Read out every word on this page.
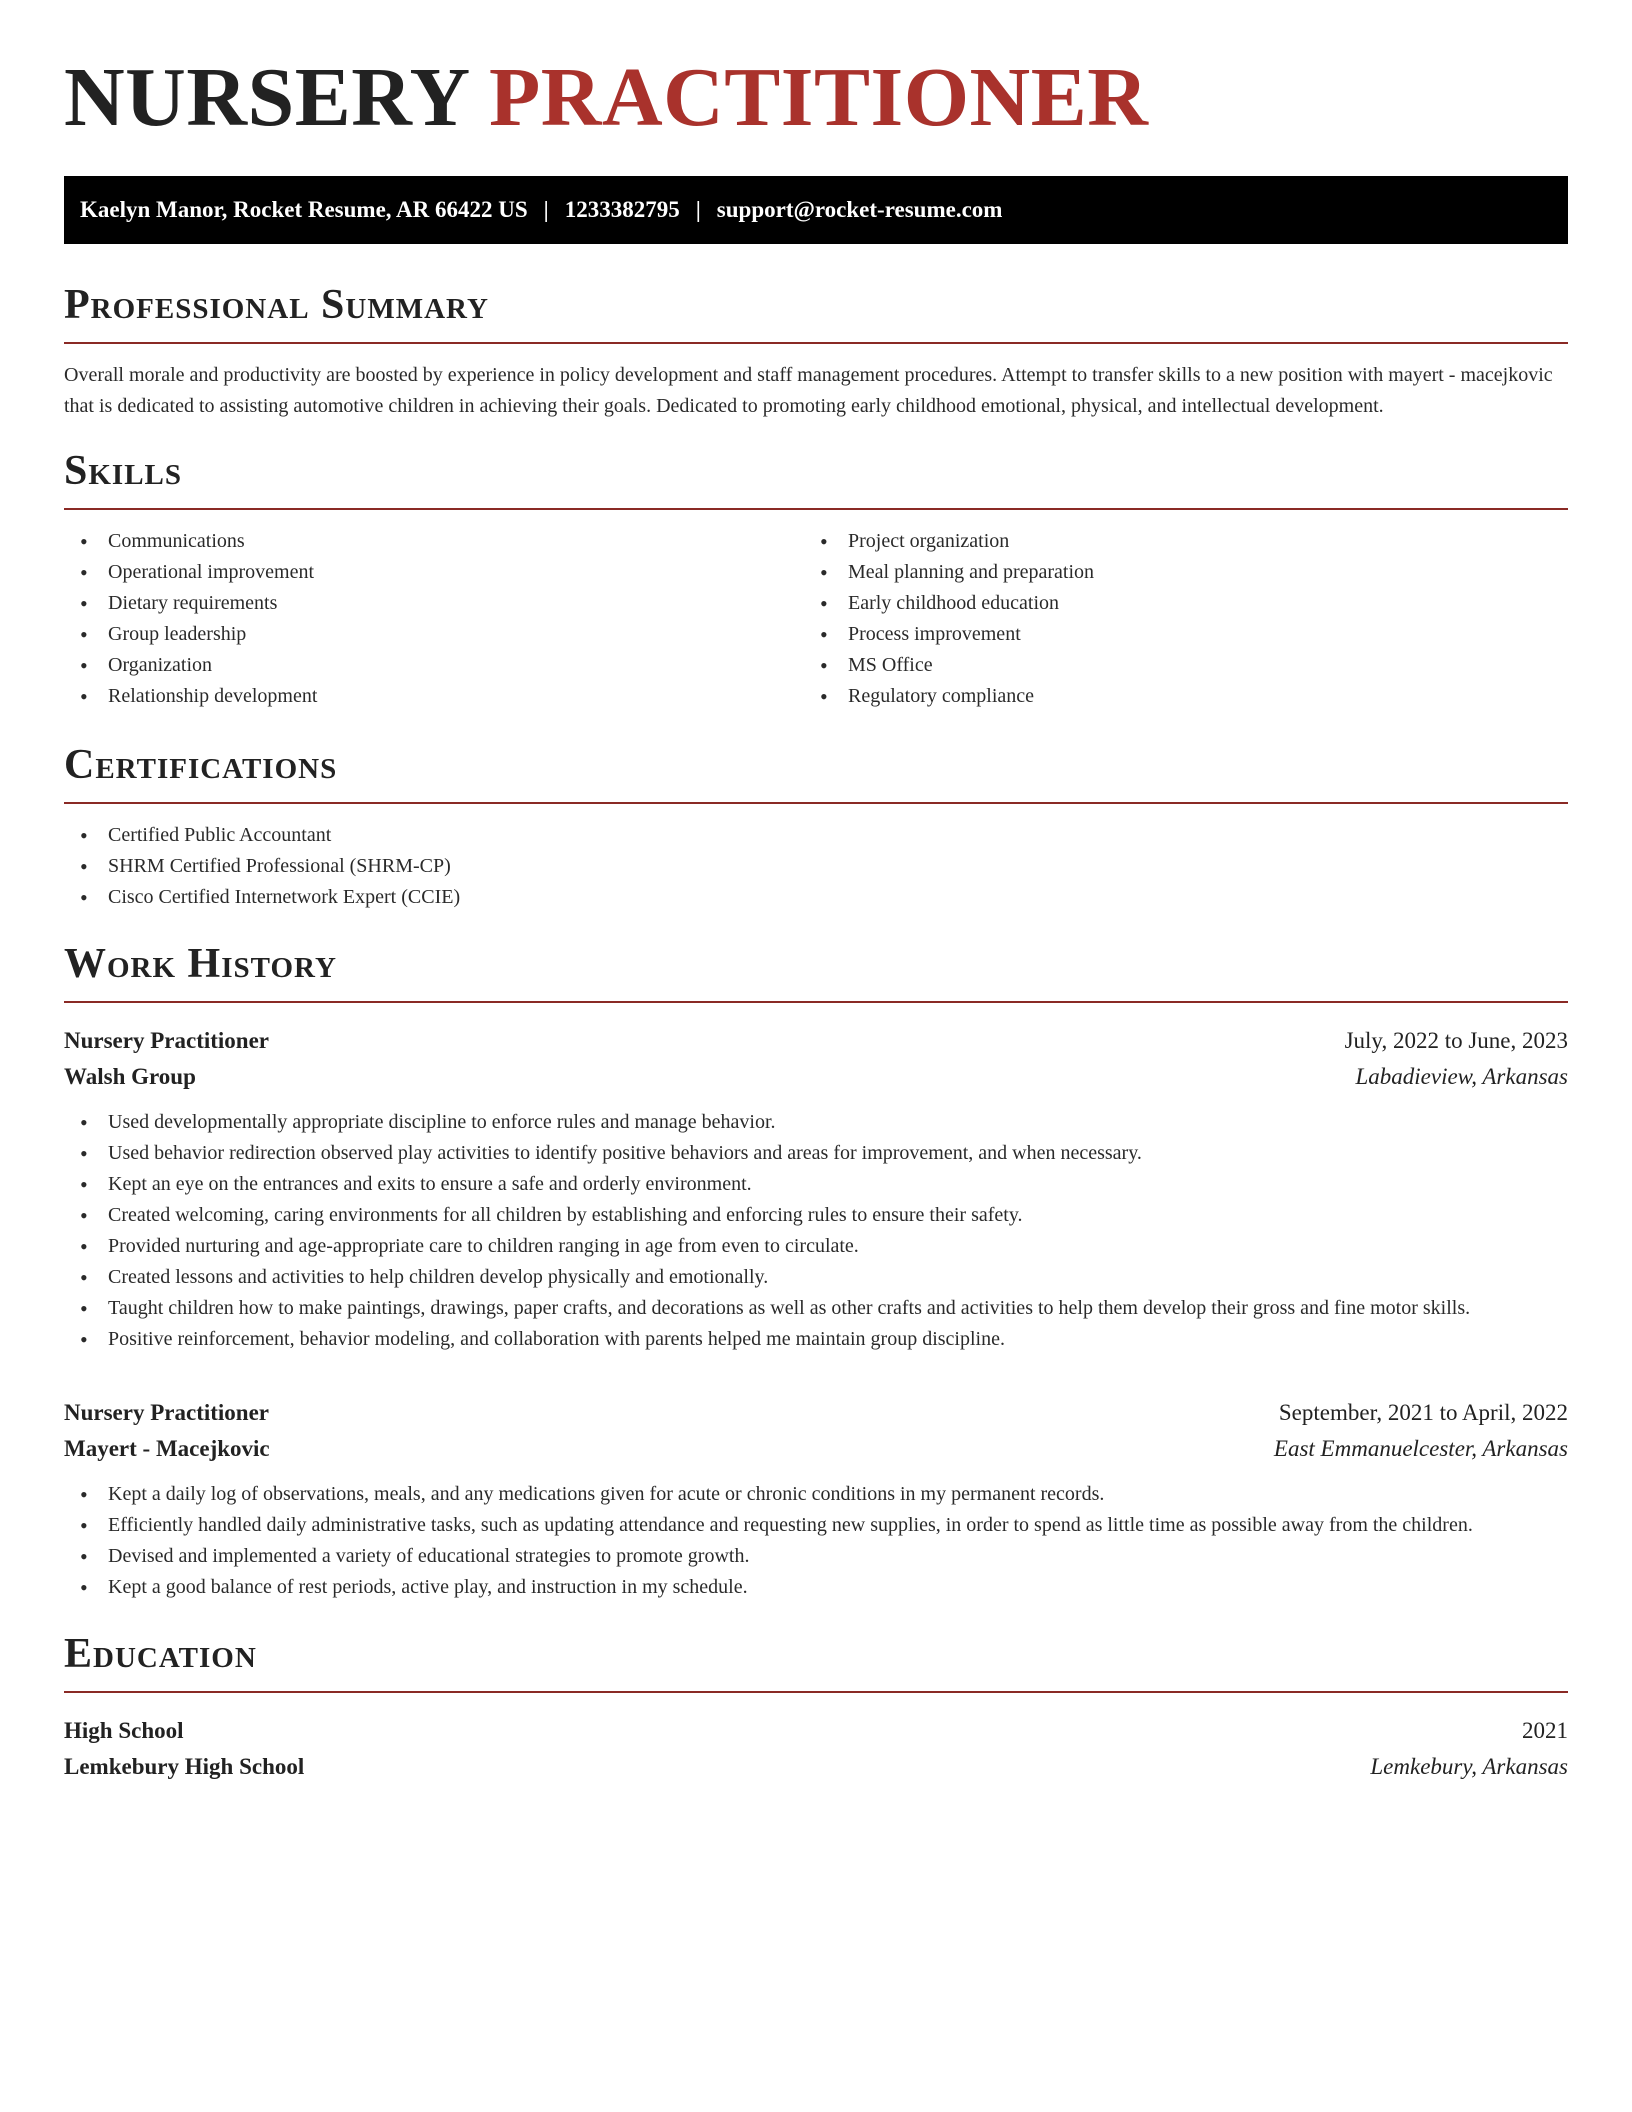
NURSERY PRACTITIONER
Kaelyn Manor, Rocket Resume, AR 66422 US | 1233382795 | support@rocket-resume.com
Professional Summary

Overall morale and productivity are boosted by experience in policy development and staff management procedures. Attempt to transfer skills to a new position with mayert - macejkovic that is dedicated to assisting automotive children in achieving their goals. Dedicated to promoting early childhood emotional, physical, and intellectual development.

Skills
• Communications
• Operational improvement
• Dietary requirements
• Group leadership
• Organization
• Relationship development
• Project organization
• Meal planning and preparation
• Early childhood education
• Process improvement
• MS Office
• Regulatory compliance
Certifications
• Certified Public Accountant
• SHRM Certified Professional (SHRM-CP)
• Cisco Certified Internetwork Expert (CCIE)
Work History
Nursery Practitioner	July, 2022 to June, 2023
Walsh Group	Labadieview, Arkansas
• Used developmentally appropriate discipline to enforce rules and manage behavior.
• Used behavior redirection observed play activities to identify positive behaviors and areas for improvement, and when necessary.
• Kept an eye on the entrances and exits to ensure a safe and orderly environment.
• Created welcoming, caring environments for all children by establishing and enforcing rules to ensure their safety.
• Provided nurturing and age-appropriate care to children ranging in age from even to circulate.
• Created lessons and activities to help children develop physically and emotionally.
• Taught children how to make paintings, drawings, paper crafts, and decorations as well as other crafts and activities to help them develop their gross and fine motor skills.
• Positive reinforcement, behavior modeling, and collaboration with parents helped me maintain group discipline.
Nursery Practitioner	September, 2021 to April, 2022
Mayert - Macejkovic	East Emmanuelcester, Arkansas
• Kept a daily log of observations, meals, and any medications given for acute or chronic conditions in my permanent records.
• Efficiently handled daily administrative tasks, such as updating attendance and requesting new supplies, in order to spend as little time as possible away from the children.
• Devised and implemented a variety of educational strategies to promote growth.
• Kept a good balance of rest periods, active play, and instruction in my schedule.
Education
High School	2021
Lemkebury High School	Lemkebury, Arkansas
